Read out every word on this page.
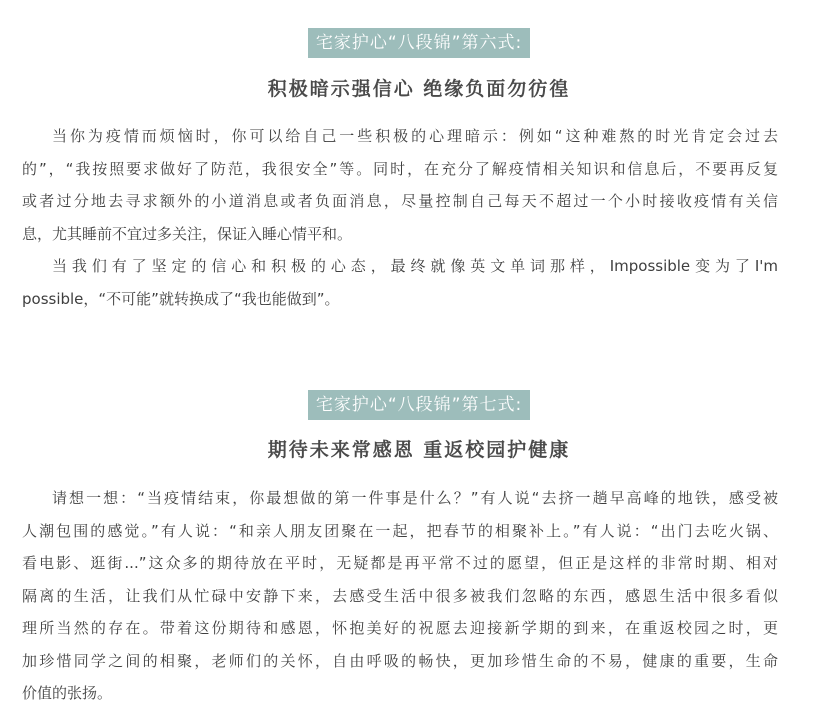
宅家护心“八段锦”第六式:
积极暗示强信心 绝缘负面勿彷徨
当你为疫情而烦恼时，你可以给自己一些积极的心理暗示：例如“这种难熬的时光肯定会过去
的”，“我按照要求做好了防范，我很安全”等。同时，在充分了解疫情相关知识和信息后，不要再反复
或者过分地去寻求额外的小道消息或者负面消息，尽量控制自己每天不超过一个小时接收疫情有关信
息，尤其睡前不宜过多关注，保证入睡心情平和。
当我们有了坚定的信心和积极的心态，最终就像英文单词那样，Impossible变为了I'm
possible，“不可能”就转换成了“我也能做到”。
宅家护心“八段锦”第七式:
期待未来常感恩 重返校园护健康
请想一想：“当疫情结束，你最想做的第一件事是什么？”有人说“去挤一趟早高峰的地铁，感受被
人潮包围的感觉。”有人说：“和亲人朋友团聚在一起，把春节的相聚补上。”有人说：“出门去吃火锅、
看电影、逛街...”这众多的期待放在平时，无疑都是再平常不过的愿望，但正是这样的非常时期、相对
隔离的生活，让我们从忙碌中安静下来，去感受生活中很多被我们忽略的东西，感恩生活中很多看似
理所当然的存在。带着这份期待和感恩，怀抱美好的祝愿去迎接新学期的到来，在重返校园之时，更
加珍惜同学之间的相聚，老师们的关怀，自由呼吸的畅快，更加珍惜生命的不易，健康的重要，生命
价值的张扬。
